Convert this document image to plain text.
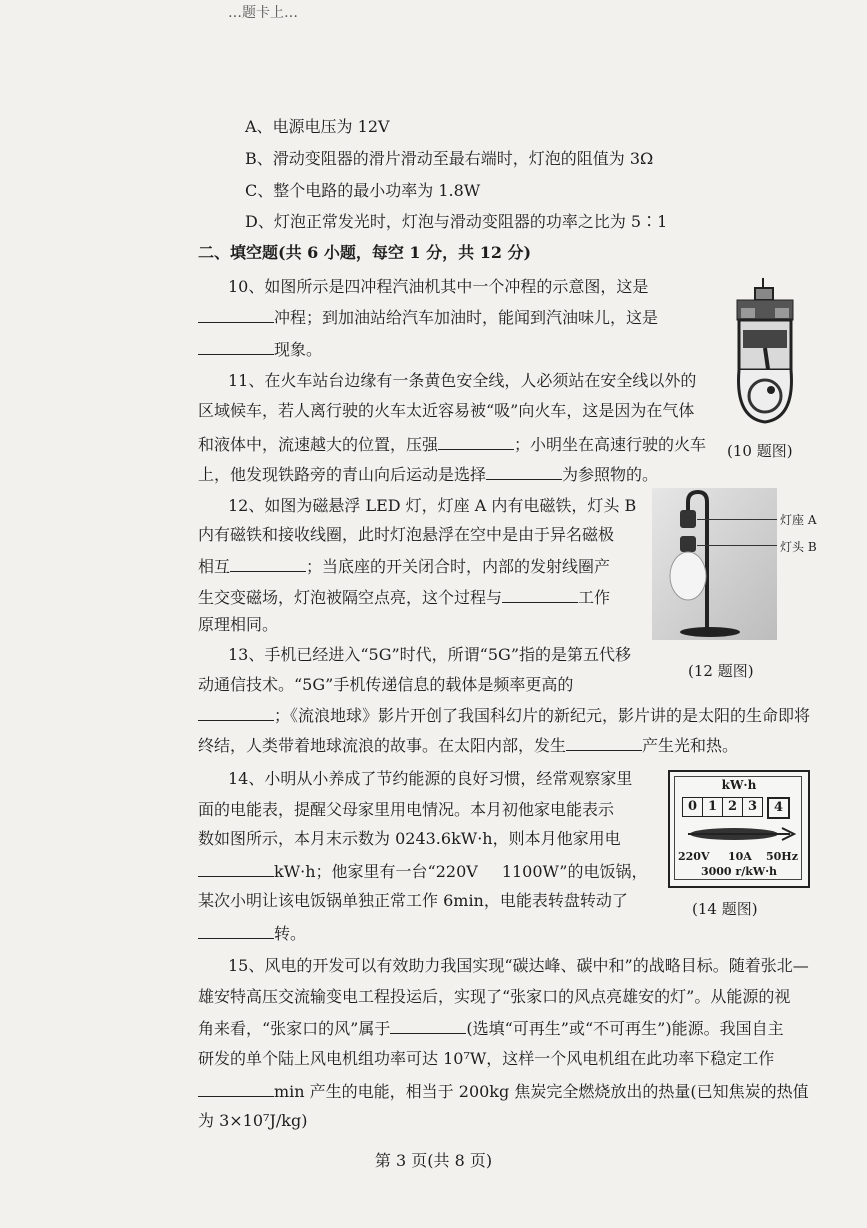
…题卡上…
A、电源电压为 12V
B、滑动变阻器的滑片滑动至最右端时，灯泡的阻值为 3Ω
C、整个电路的最小功率为 1.8W
D、灯泡正常发光时，灯泡与滑动变阻器的功率之比为 5∶1
二、填空题(共 6 小题，每空 1 分，共 12 分)
10、如图所示是四冲程汽油机其中一个冲程的示意图，这是
冲程；到加油站给汽车加油时，能闻到汽油味儿，这是
现象。
(10 题图)
11、在火车站台边缘有一条黄色安全线，人必须站在安全线以外的
区域候车，若人离行驶的火车太近容易被“吸”向火车，这是因为在气体
和液体中，流速越大的位置，压强	；小明坐在高速行驶的火车
上，他发现铁路旁的青山向后运动是选择	为参照物的。
12、如图为磁悬浮 LED 灯，灯座 A 内有电磁铁，灯头 B
内有磁铁和接收线圈，此时灯泡悬浮在空中是由于异名磁极
相互	；当底座的开关闭合时，内部的发射线圈产
生交变磁场，灯泡被隔空点亮，这个过程与	工作
原理相同。
灯座 A
灯头 B
(12 题图)
13、手机已经进入“5G”时代，所谓“5G”指的是第五代移
动通信技术。“5G”手机传递信息的载体是频率更高的
；《流浪地球》影片开创了我国科幻片的新纪元，影片讲的是太阳的生命即将
终结，人类带着地球流浪的故事。在太阳内部，发生	产生光和热。
14、小明从小养成了节约能源的良好习惯，经常观察家里
面的电能表，提醒父母家里用电情况。本月初他家电能表示
数如图所示，本月末示数为 0243.6kW·h，则本月他家用电
kW·h；他家里有一台“220V 1100W”的电饭锅，
某次小明让该电饭锅单独正常工作 6min，电能表转盘转动了
转。
kW·h
0 1 2 3	4
220V 10A 50Hz
3000 r/kW·h
(14 题图)
15、风电的开发可以有效助力我国实现“碳达峰、碳中和”的战略目标。随着张北—
雄安特高压交流输变电工程投运后，实现了“张家口的风点亮雄安的灯”。从能源的视
角来看，“张家口的风”属于	(选填“可再生”或“不可再生”)能源。我国自主
研发的单个陆上风电机组功率可达 10⁷W，这样一个风电机组在此功率下稳定工作
min 产生的电能，相当于 200kg 焦炭完全燃烧放出的热量(已知焦炭的热值
为 3×10⁷J/kg)
第 3 页(共 8 页)
